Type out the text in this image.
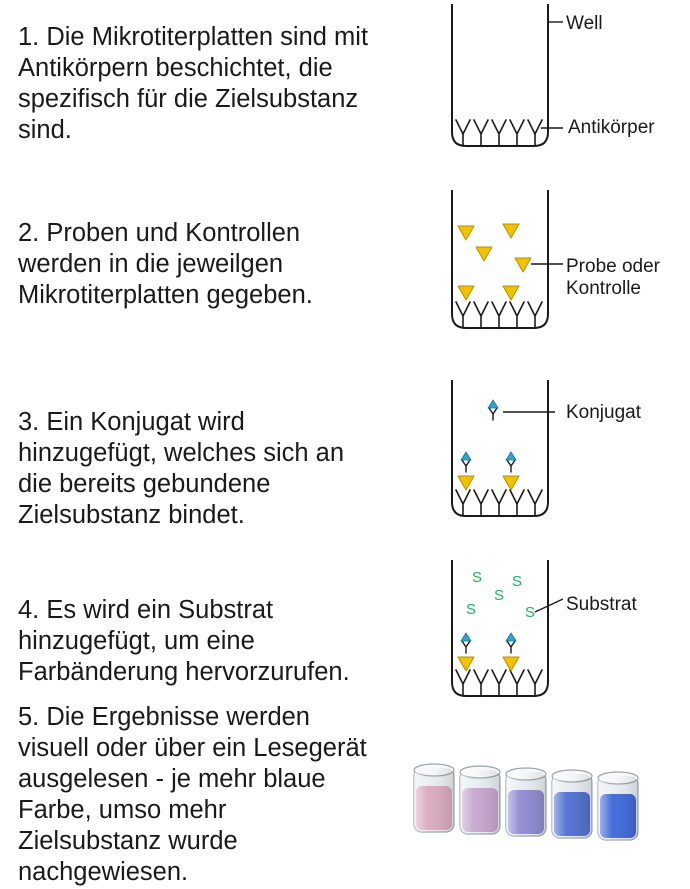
1. Die Mikrotiterplatten sind mit
Antikörpern beschichtet, die
spezifisch für die Zielsubstanz
sind.
2. Proben und Kontrollen
werden in die jeweilgen
Mikrotiterplatten gegeben.
3. Ein Konjugat wird
hinzugefügt, welches sich an
die bereits gebundene
Zielsubstanz bindet.
4. Es wird ein Substrat
hinzugefügt, um eine
Farbänderung hervorzurufen.
5. Die Ergebnisse werden
visuell oder über ein Lesegerät
ausgelesen - je mehr blaue
Farbe, umso mehr
Zielsubstanz wurde
nachgewiesen.
Well
Antikörper
Probe oder
Kontrolle
Konjugat
S S
S
S	S Substrat
